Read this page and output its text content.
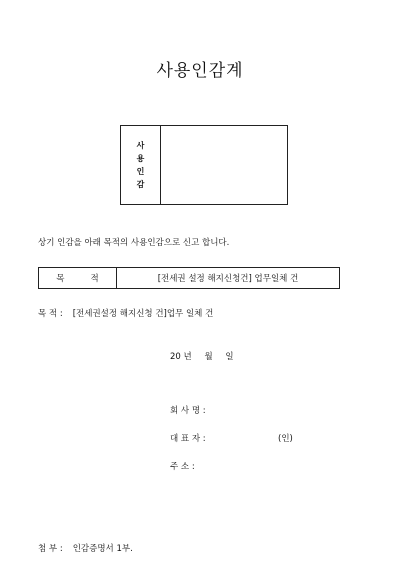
사용인감계
사
용
인
감
상기 인감을 아래 목적의 사용인감으로 신고 합니다.
목	적	[전세권 설정 해지신청건] 업무일체 건
목 적 : [전세권설정 해지신청 건]업무 일체 건
20 년 월 일
회 사 명 :
대 표 자 :	(인)
주 소 :
첨 부 : 인감증명서 1부.
